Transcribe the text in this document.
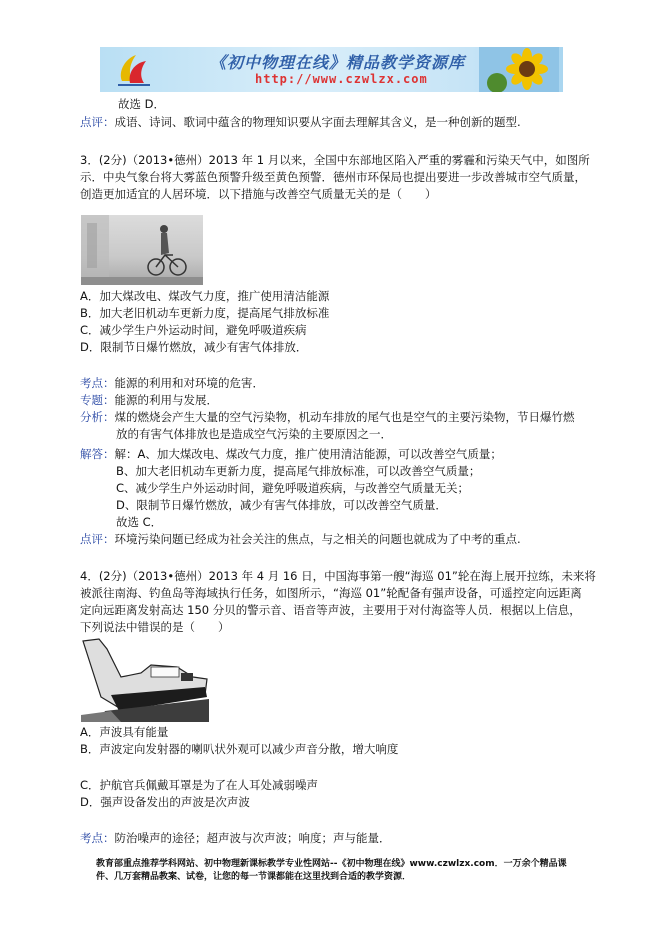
《初中物理在线》精品教学资源库
http://www.czwlzx.com
故选 D．
点评：成语、诗词、歌词中蕴含的物理知识要从字面去理解其含义，是一种创新的题型.
3．(2分)（2013•德州）2013 年 1 月以来，全国中东部地区陷入严重的雾霾和污染天气中，如图所
示．中央气象台将大雾蓝色预警升级至黄色预警．德州市环保局也提出要进一步改善城市空气质量，
创造更加适宜的人居环境．以下措施与改善空气质量无关的是（　　）
A．加大煤改电、煤改气力度，推广使用清洁能源
B．加大老旧机动车更新力度，提高尾气排放标准
C．减少学生户外运动时间，避免呼吸道疾病
D．限制节日爆竹燃放，减少有害气体排放．
考点：能源的利用和对环境的危害．
专题：能源的利用与发展．
分析：煤的燃烧会产生大量的空气污染物，机动车排放的尾气也是空气的主要污染物，节日爆竹燃
放的有害气体排放也是造成空气污染的主要原因之一．
解答：解：A、加大煤改电、煤改气力度，推广使用清洁能源，可以改善空气质量；
B、加大老旧机动车更新力度，提高尾气排放标准，可以改善空气质量；
C、减少学生户外运动时间，避免呼吸道疾病，与改善空气质量无关；
D、限制节日爆竹燃放，减少有害气体排放，可以改善空气质量．
故选 C．
点评：环境污染问题已经成为社会关注的焦点，与之相关的问题也就成为了中考的重点.
4．(2分)（2013•德州）2013 年 4 月 16 日，中国海事第一艘“海巡 01”轮在海上展开拉练，未来将
被派往南海、钓鱼岛等海域执行任务，如图所示，“海巡 01”轮配备有强声设备，可遥控定向远距离
定向远距离发射高达 150 分贝的警示音、语音等声波，主要用于对付海盗等人员．根据以上信息，
下列说法中错误的是（　　）
A．声波具有能量
B．声波定向发射器的喇叭状外观可以减少声音分散，增大响度
C．护航官兵佩戴耳罩是为了在人耳处减弱噪声
D．强声设备发出的声波是次声波
考点：防治噪声的途径；超声波与次声波；响度；声与能量．
教育部重点推荐学科网站、初中物理新课标教学专业性网站--《初中物理在线》www.czwlzx.com．一万余个精品课
件、几万套精品教案、试卷，让您的每一节课都能在这里找到合适的教学资源．
